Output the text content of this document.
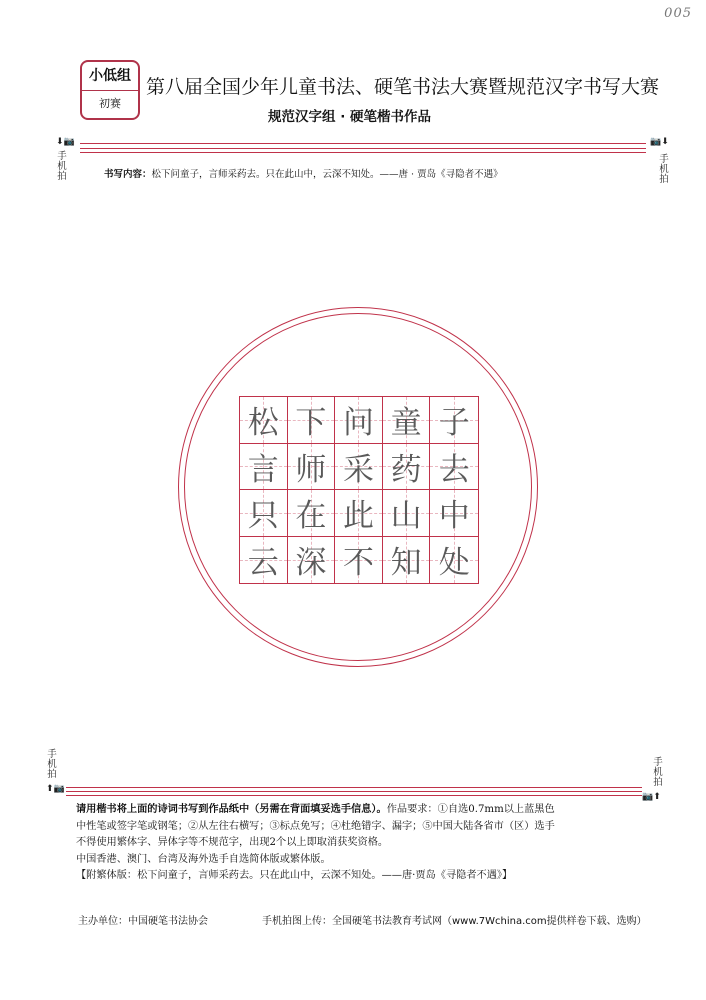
005
小低组
初赛
第八届全国少年儿童书法、硬笔书法大赛暨规范汉字书写大赛
规范汉字组 · 硬笔楷书作品
⬇📷
手
机
拍
📷⬇
手
机
拍
书写内容：松下问童子，言师采药去。只在此山中，云深不知处。——唐 · 贾岛《寻隐者不遇》
松 下 问 童 子
言 师 采 药 去
只 在 此 山 中
云 深 不 知 处
手
机
拍
⬆📷
手
机
拍
📷⬆

请用楷书将上面的诗词书写到作品纸中（另需在背面填妥选手信息）。作品要求：①自选0.7mm以上蓝黑色

中性笔或签字笔或钢笔；②从左往右横写；③标点免写；④杜绝错字、漏字；⑤中国大陆各省市（区）选手

不得使用繁体字、异体字等不规范字，出现2个以上即取消获奖资格。

中国香港、澳门、台湾及海外选手自选简体版或繁体版。

【附繁体版：松下问童子，言师采药去。只在此山中，云深不知处。——唐·贾岛《寻隐者不遇》】

主办单位：中国硬笔书法协会	手机拍图上传：全国硬笔书法教育考试网（www.7Wchina.com提供样卷下载、选购）
